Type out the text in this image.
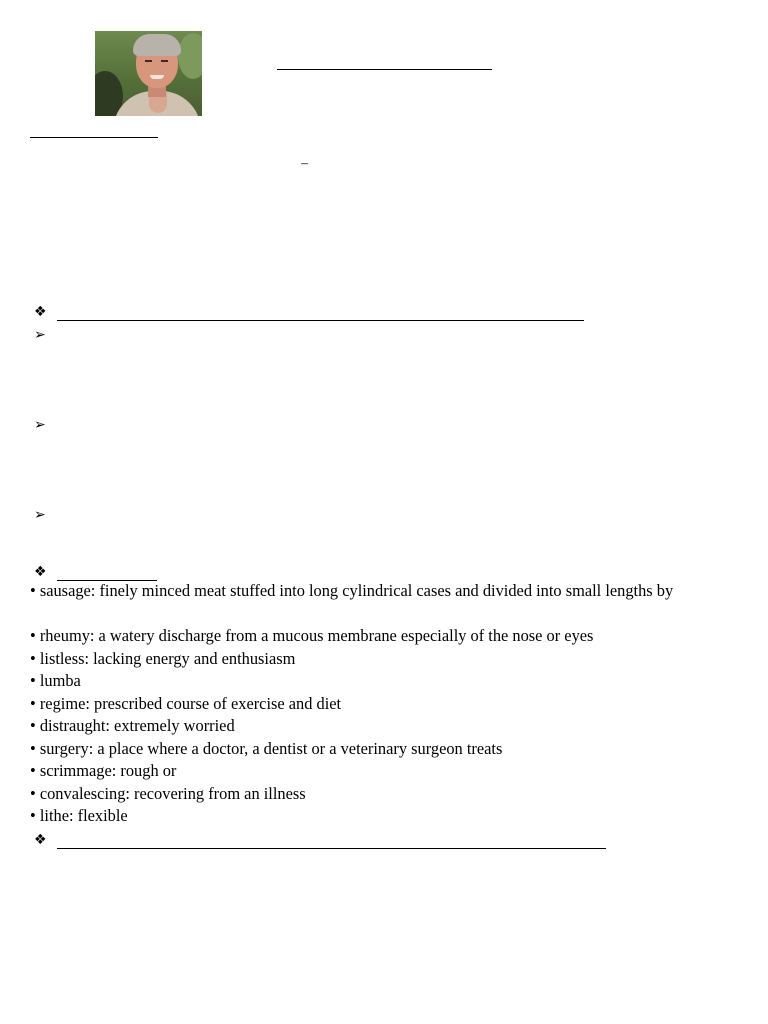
–
❖
➢
➢
➢
❖
• sausage: finely minced meat stuffed into long cylindrical cases and divided into small lengths by
• rheumy: a watery discharge from a mucous membrane especially of the nose or eyes
• listless: lacking energy and enthusiasm
• lumba
• regime: prescribed course of exercise and diet
• distraught: extremely worried
• surgery: a place where a doctor, a dentist or a veterinary surgeon treats
• scrimmage: rough or
• convalescing: recovering from an illness
• lithe: flexible
❖
